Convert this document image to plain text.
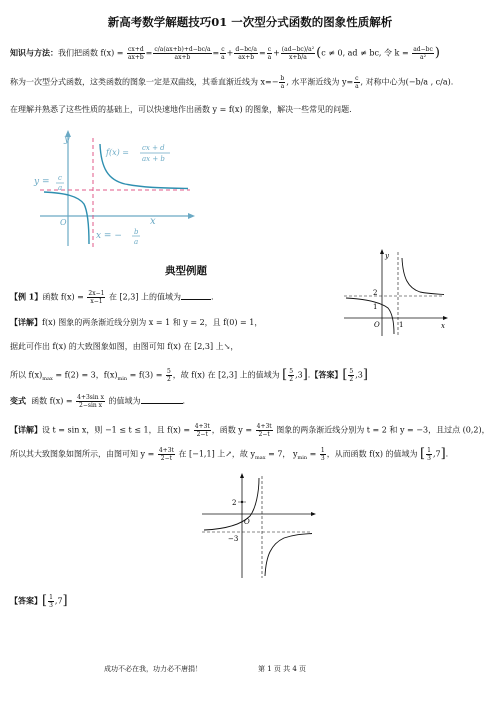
新高考数学解题技巧01 一次型分式函数的图象性质解析
知识与方法：我们把函数 $f(x) = \frac{cx+d}{ax+b} = \frac{c/a(ax+b)+d-bc/a}{ax+b} = \frac{c}{a} + \frac{d-bc/a}{ax+b} = \frac{c}{a} + \frac{\text{(ad−bc)/a²}}{x+b/a} (c \ne 0$, ad ≠ bc, 令 $k = \frac{ad-bc}{\text{a²}}$ )
称为一次型分式函数，这类函数的图象一定是双曲线，其垂直渐近线为 $x=- \frac{b}{a}$ , 水平渐近线为 $y= \frac{c}{a}$ , 对称中心为(−b/a , c/a).
在理解并熟悉了这些性质的基础上，可以快速地作出函数 y = f(x) 的图象，解决一些常见的问题.
y
x
f(x) = cx + d
ax + b
y = c
a
x = − b
a
O
典型例题
y
x
2
1
1
O
【例 1】函数 $f(x) = \frac{2x-1}{x-1}$ 在 [2,3] 上的值域为	.
【详解】f(x) 图象的两条渐近线分别为 x = 1 和 y = 2，且 f(0) = 1，
据此可作出 f(x) 的大致图象如图，由图可知 f(x) 在 [2,3] 上↘，
所以 $f(x)_{max} = f(2) = 3$，$f(x)_{min} = f(3) = \frac{5}{2}$ ，故 f(x) 在 [2,3] 上的值域为 [ $\frac{5}{2} ,3$].【答案】[ $\frac{5}{2} ,3$]
变式 函数 $f(x) = \frac{\text{4+3sin x}}{\text{2−sin x}}$ 的值域为	.
【详解】设 t = sin x，则 −1 ≤ t ≤ 1，且 $f(x) = \frac{4+3t}{2-t}$ ，函数 $y = \frac{4+3t}{2-t}$ 图象的两条渐近线分别为 t = 2 和 y = −3，且过点 (0,2)，
所以其大致图象如图所示，由图可知 $y = \frac{4+3t}{2-t}$ 在 [−1,1] 上↗，故 $y_{max} = 7$， $y_{min} = \frac{1}{3}$ ，从而函数 f(x) 的值域为 [ $\frac{1}{3} ,7$].
2
−3
O
【答案】[ $\frac{1}{3} ,7$]
成功不必在我，功力必不唐捐！	第 1 页 共 4 页
